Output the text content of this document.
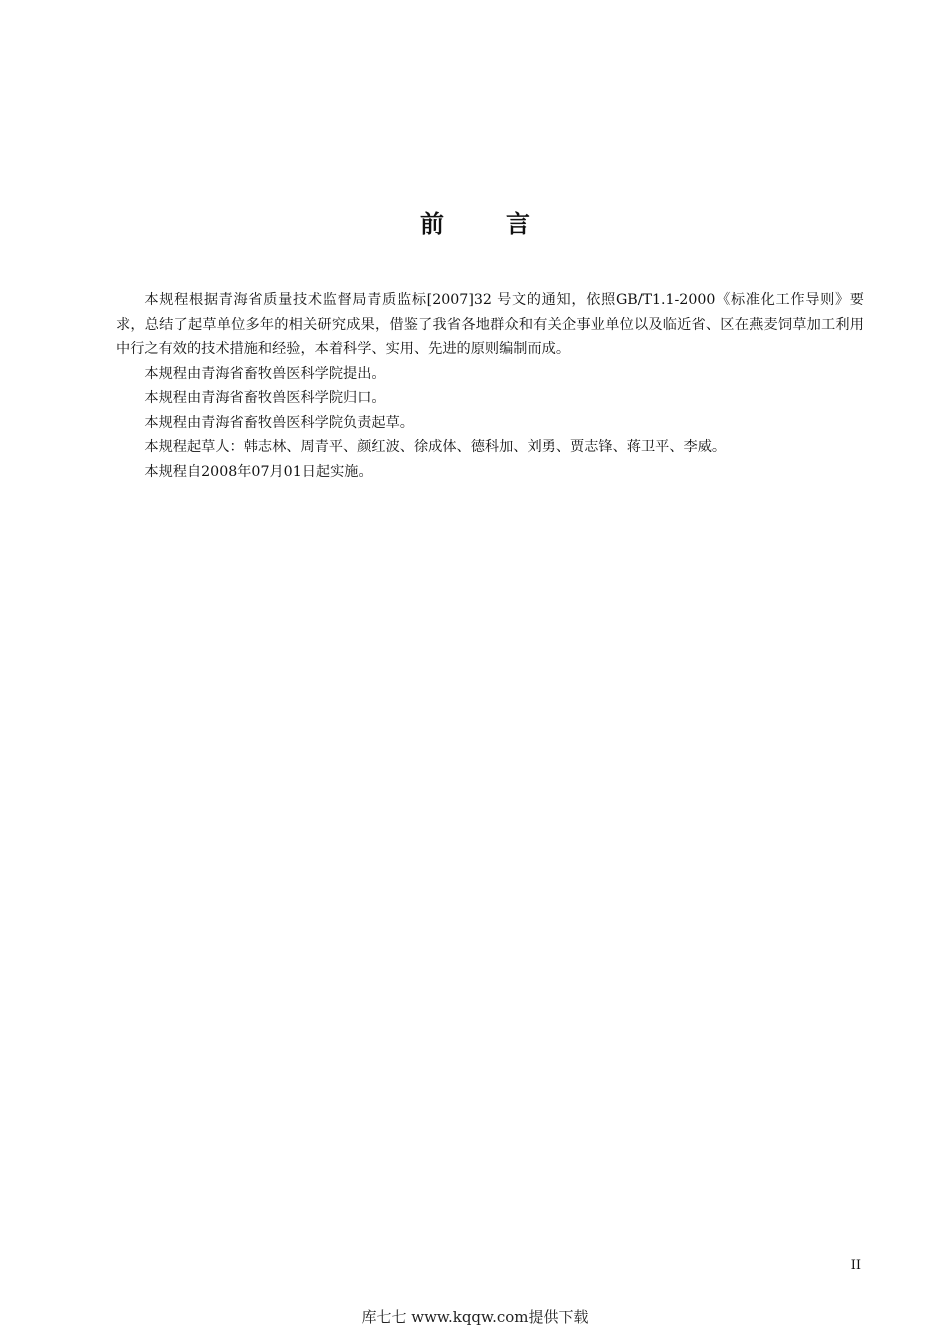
前	言

本规程根据青海省质量技术监督局青质监标[2007]32 号文的通知，依照GB/T1.1-2000《标准化工作导则》要求，总结了起草单位多年的相关研究成果，借鉴了我省各地群众和有关企事业单位以及临近省、区在燕麦饲草加工利用中行之有效的技术措施和经验，本着科学、实用、先进的原则编制而成。

本规程由青海省畜牧兽医科学院提出。

本规程由青海省畜牧兽医科学院归口。

本规程由青海省畜牧兽医科学院负责起草。

本规程起草人：韩志林、周青平、颜红波、徐成体、德科加、刘勇、贾志锋、蒋卫平、李威。

本规程自2008年07月01日起实施。

II
库七七 www.kqqw.com提供下载
